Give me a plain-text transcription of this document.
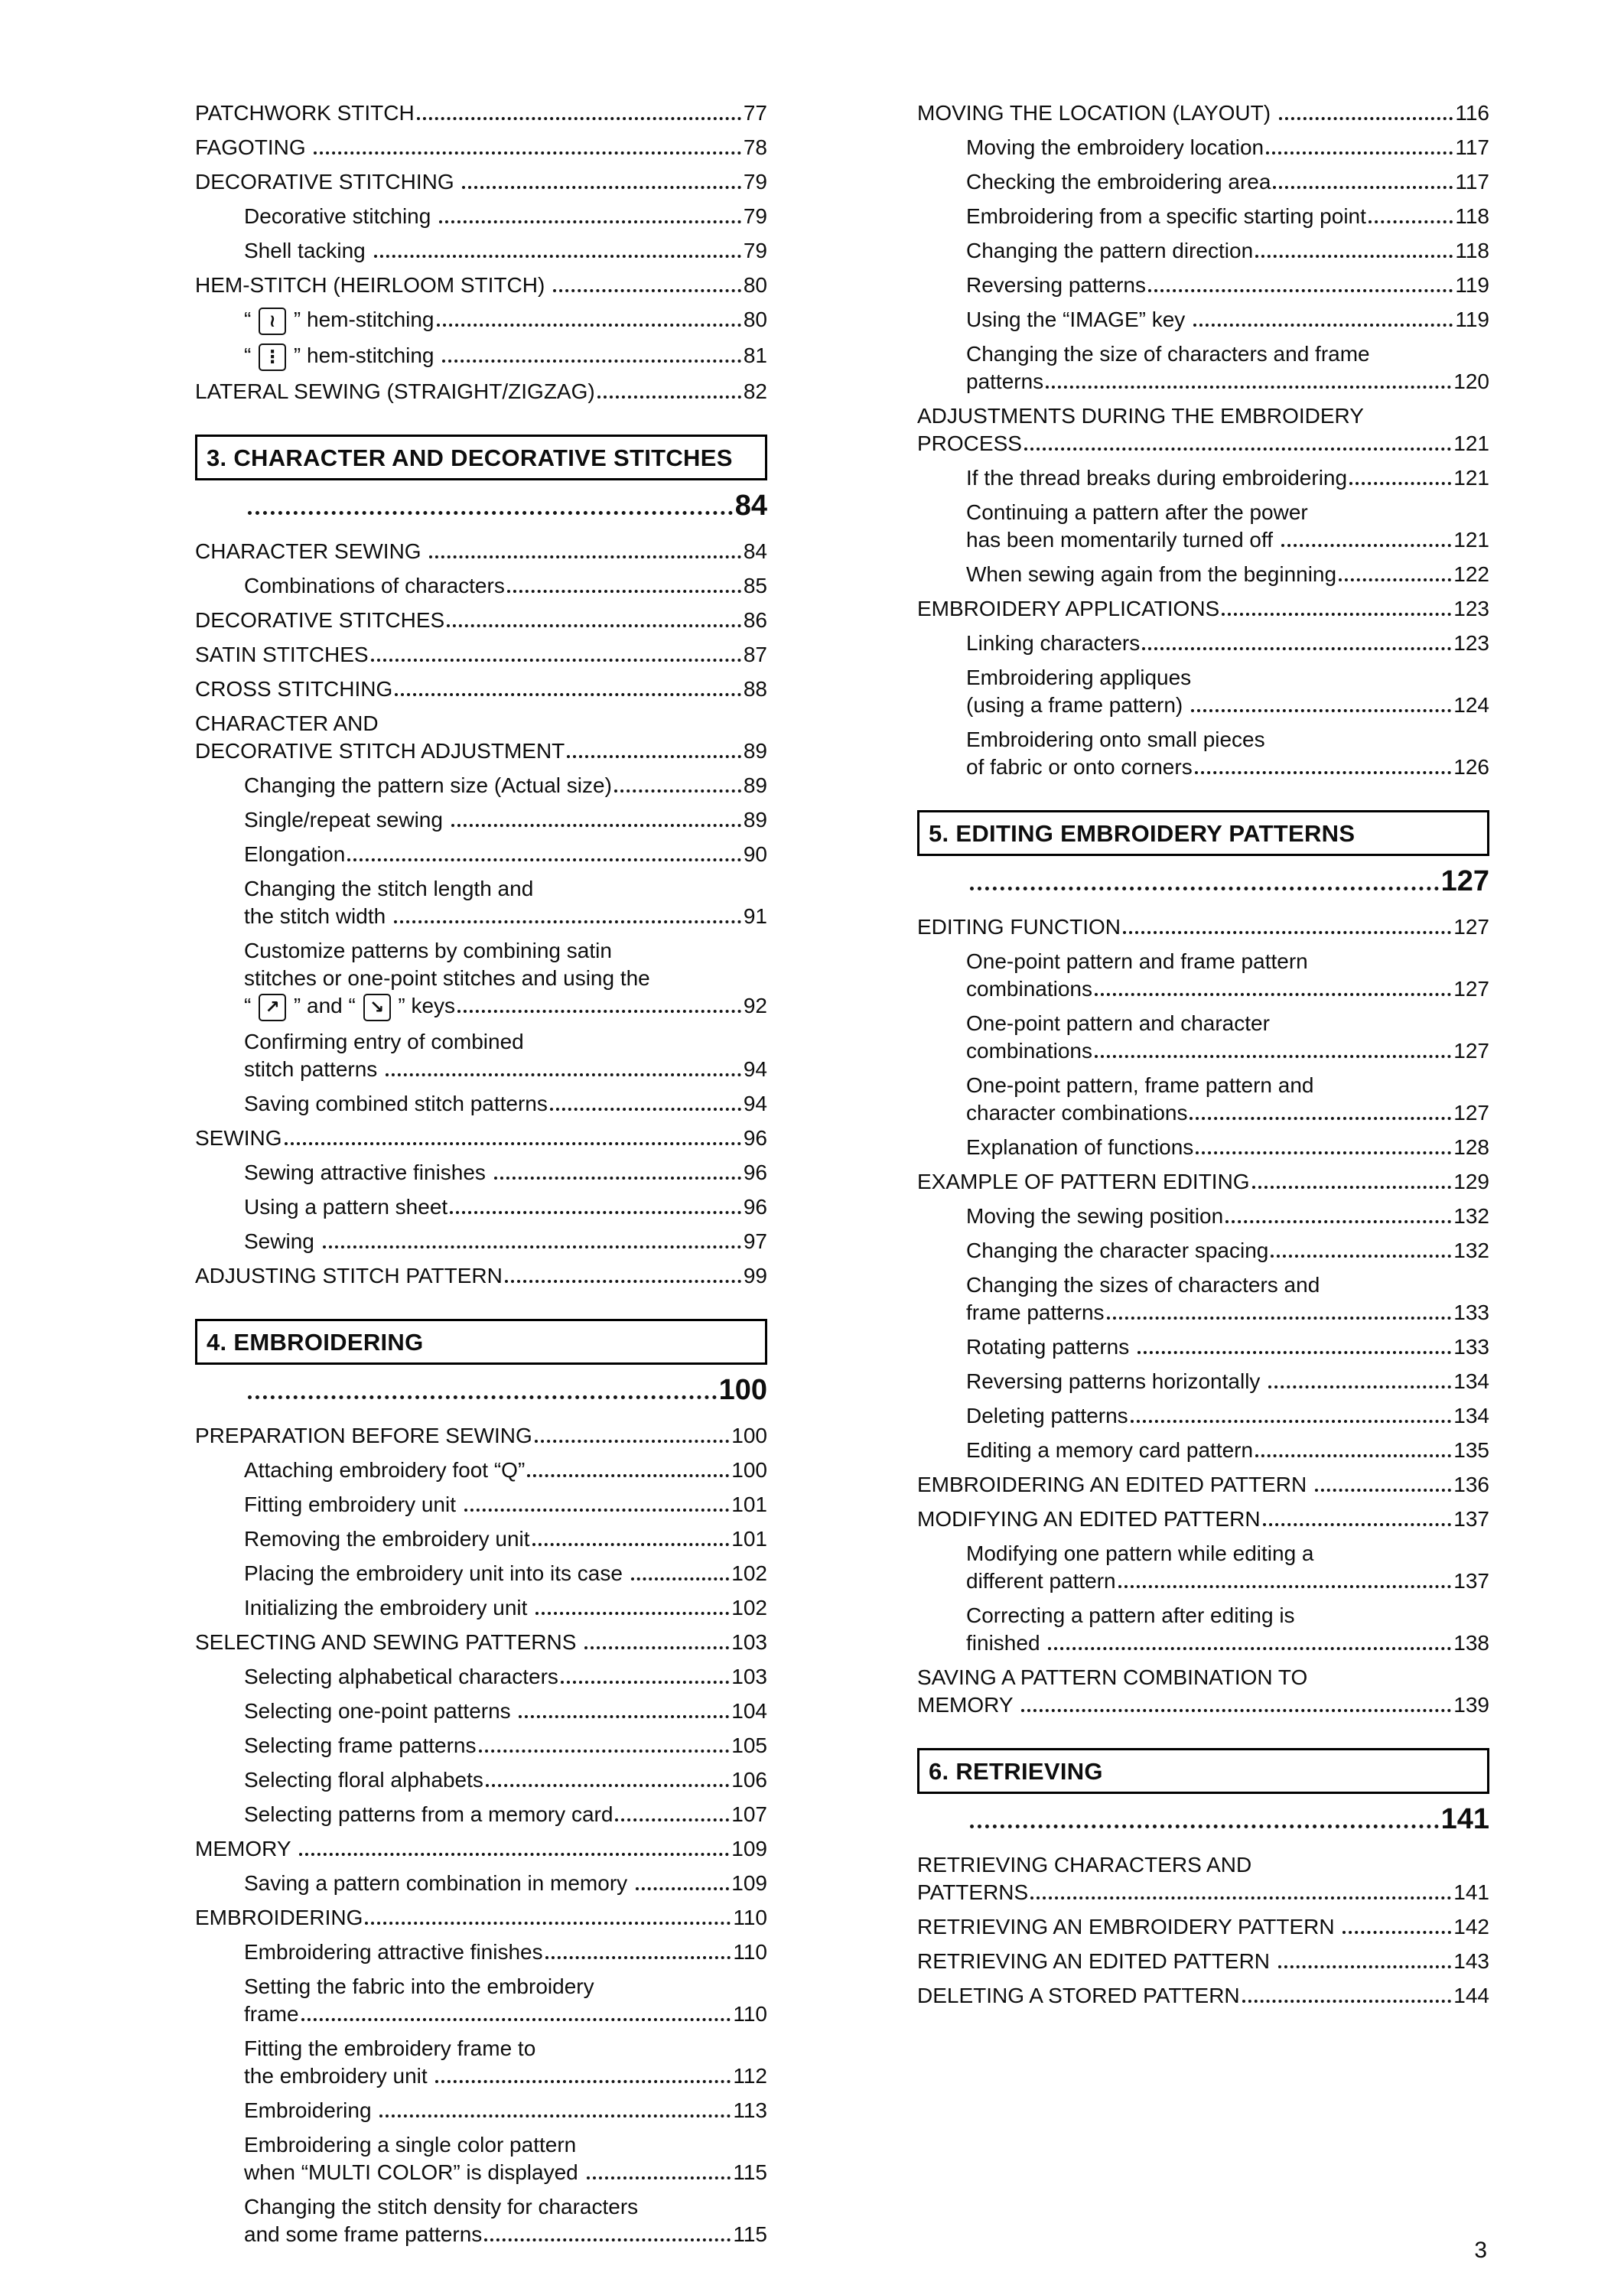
PATCHWORK STITCH	77
FAGOTING	78
DECORATIVE STITCHING	79
Decorative stitching	79
Shell tacking	79
HEM-STITCH (HEIRLOOM STITCH)	80
“ ≀ ” hem-stitching	80
“ ⋮ ” hem-stitching	81
LATERAL SEWING (STRAIGHT/ZIGZAG)	82
3. CHARACTER AND DECORATIVE STITCHES
84
CHARACTER SEWING	84
Combinations of characters	85
DECORATIVE STITCHES	86
SATIN STITCHES	87
CROSS STITCHING	88
CHARACTER AND
DECORATIVE STITCH ADJUSTMENT	89
Changing the pattern size (Actual size)	89
Single/repeat sewing	89
Elongation	90
Changing the stitch length and
the stitch width	91
Customize patterns by combining satin
stitches or one-point stitches and using the
“ ↗ ” and “ ↘ ” keys	92
Confirming entry of combined
stitch patterns	94
Saving combined stitch patterns	94
SEWING	96
Sewing attractive finishes	96
Using a pattern sheet	96
Sewing	97
ADJUSTING STITCH PATTERN	99
4. EMBROIDERING
100
PREPARATION BEFORE SEWING	100
Attaching embroidery foot “Q”	100
Fitting embroidery unit	101
Removing the embroidery unit	101
Placing the embroidery unit into its case	102
Initializing the embroidery unit	102
SELECTING AND SEWING PATTERNS	103
Selecting alphabetical characters	103
Selecting one-point patterns	104
Selecting frame patterns	105
Selecting floral alphabets	106
Selecting patterns from a memory card	107
MEMORY	109
Saving a pattern combination in memory	109
EMBROIDERING	110
Embroidering attractive finishes	110
Setting the fabric into the embroidery
frame	110
Fitting the embroidery frame to
the embroidery unit	112
Embroidering	113
Embroidering a single color pattern
when “MULTI COLOR” is displayed	115
Changing the stitch density for characters
and some frame patterns	115
MOVING THE LOCATION (LAYOUT)	116
Moving the embroidery location	117
Checking the embroidering area	117
Embroidering from a specific starting point	118
Changing the pattern direction	118
Reversing patterns	119
Using the “IMAGE” key	119
Changing the size of characters and frame
patterns	120
ADJUSTMENTS DURING THE EMBROIDERY
PROCESS	121
If the thread breaks during embroidering	121
Continuing a pattern after the power
has been momentarily turned off	121
When sewing again from the beginning	122
EMBROIDERY APPLICATIONS	123
Linking characters	123
Embroidering appliques
(using a frame pattern)	124
Embroidering onto small pieces
of fabric or onto corners	126
5. EDITING EMBROIDERY PATTERNS
127
EDITING FUNCTION	127
One-point pattern and frame pattern
combinations	127
One-point pattern and character
combinations	127
One-point pattern, frame pattern and
character combinations	127
Explanation of functions	128
EXAMPLE OF PATTERN EDITING	129
Moving the sewing position	132
Changing the character spacing	132
Changing the sizes of characters and
frame patterns	133
Rotating patterns	133
Reversing patterns horizontally	134
Deleting patterns	134
Editing a memory card pattern	135
EMBROIDERING AN EDITED PATTERN	136
MODIFYING AN EDITED PATTERN	137
Modifying one pattern while editing a
different pattern	137
Correcting a pattern after editing is
finished	138
SAVING A PATTERN COMBINATION TO
MEMORY	139
6. RETRIEVING
141
RETRIEVING CHARACTERS AND
PATTERNS	141
RETRIEVING AN EMBROIDERY PATTERN	142
RETRIEVING AN EDITED PATTERN	143
DELETING A STORED PATTERN	144
3
